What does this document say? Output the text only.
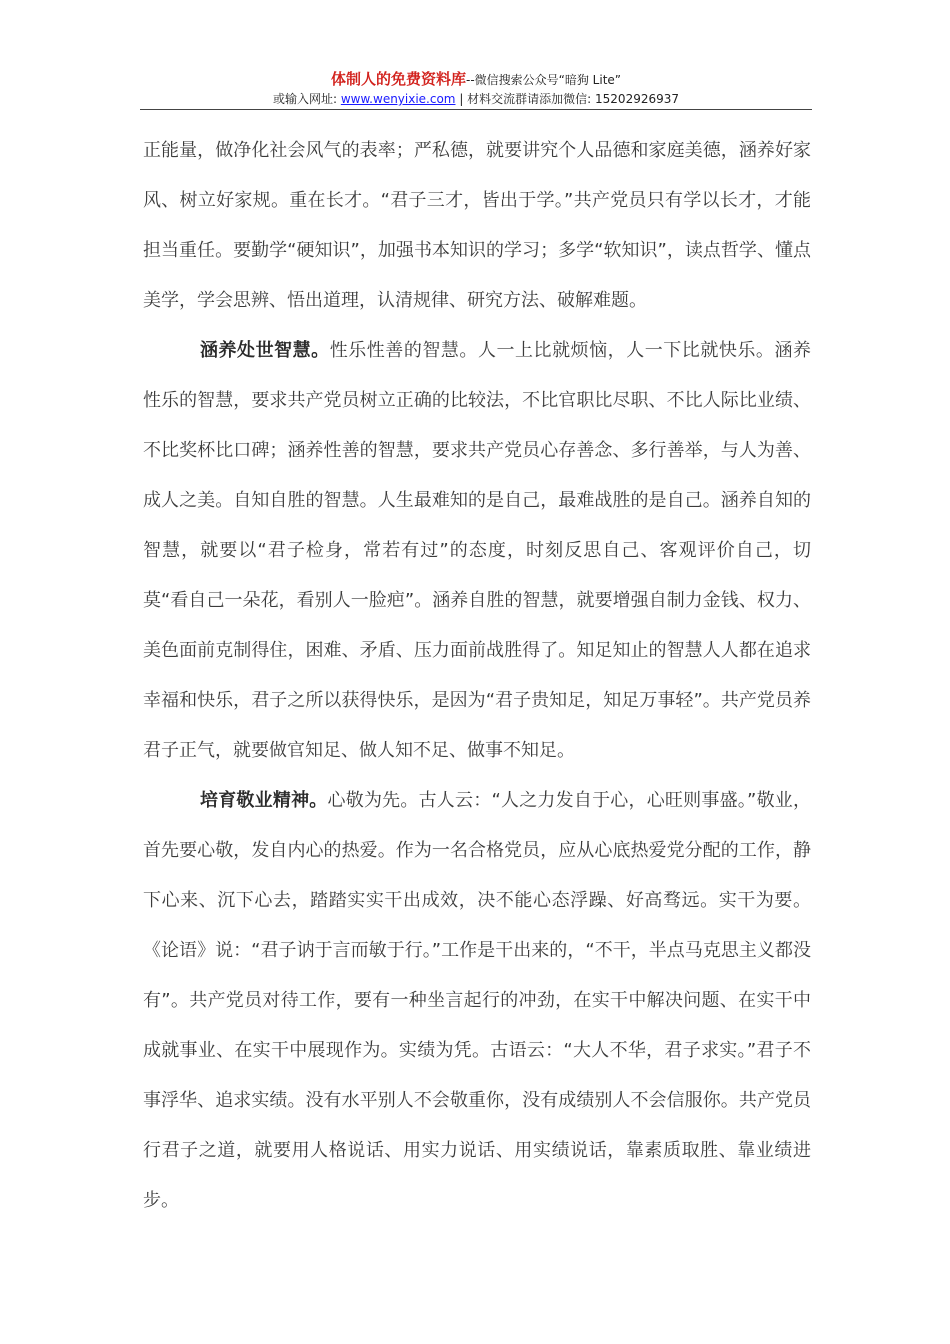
体制人的免费资料库--微信搜索公众号“暗狗 Lite”
或输入网址: www.wenyixie.com | 材料交流群请添加微信: 15202926937

正能量，做净化社会风气的表率；严私德，就要讲究个人品德和家庭美德，涵养好家风、树立好家规。重在长才。“君子三才，皆出于学。”共产党员只有学以长才，才能担当重任。要勤学“硬知识”，加强书本知识的学习；多学“软知识”，读点哲学、懂点美学，学会思辨、悟出道理，认清规律、研究方法、破解难题。

涵养处世智慧。性乐性善的智慧。人一上比就烦恼，人一下比就快乐。涵养性乐的智慧，要求共产党员树立正确的比较法，不比官职比尽职、不比人际比业绩、不比奖杯比口碑；涵养性善的智慧，要求共产党员心存善念、多行善举，与人为善、成人之美。自知自胜的智慧。人生最难知的是自己，最难战胜的是自己。涵养自知的智慧，就要以“君子检身，常若有过”的态度，时刻反思自己、客观评价自己，切莫“看自己一朵花，看别人一脸疤”。涵养自胜的智慧，就要增强自制力金钱、权力、美色面前克制得住，困难、矛盾、压力面前战胜得了。知足知止的智慧人人都在追求幸福和快乐，君子之所以获得快乐，是因为“君子贵知足，知足万事轻”。共产党员养君子正气，就要做官知足、做人知不足、做事不知足。

培育敬业精神。心敬为先。古人云：“人之力发自于心，心旺则事盛。”敬业，首先要心敬，发自内心的热爱。作为一名合格党员，应从心底热爱党分配的工作，静下心来、沉下心去，踏踏实实干出成效，决不能心态浮躁、好高骛远。实干为要。《论语》说：“君子讷于言而敏于行。”工作是干出来的，“不干，半点马克思主义都没有”。共产党员对待工作，要有一种坐言起行的冲劲，在实干中解决问题、在实干中成就事业、在实干中展现作为。实绩为凭。古语云：“大人不华，君子求实。”君子不事浮华、追求实绩。没有水平别人不会敬重你，没有成绩别人不会信服你。共产党员行君子之道，就要用人格说话、用实力说话、用实绩说话，靠素质取胜、靠业绩进步。
